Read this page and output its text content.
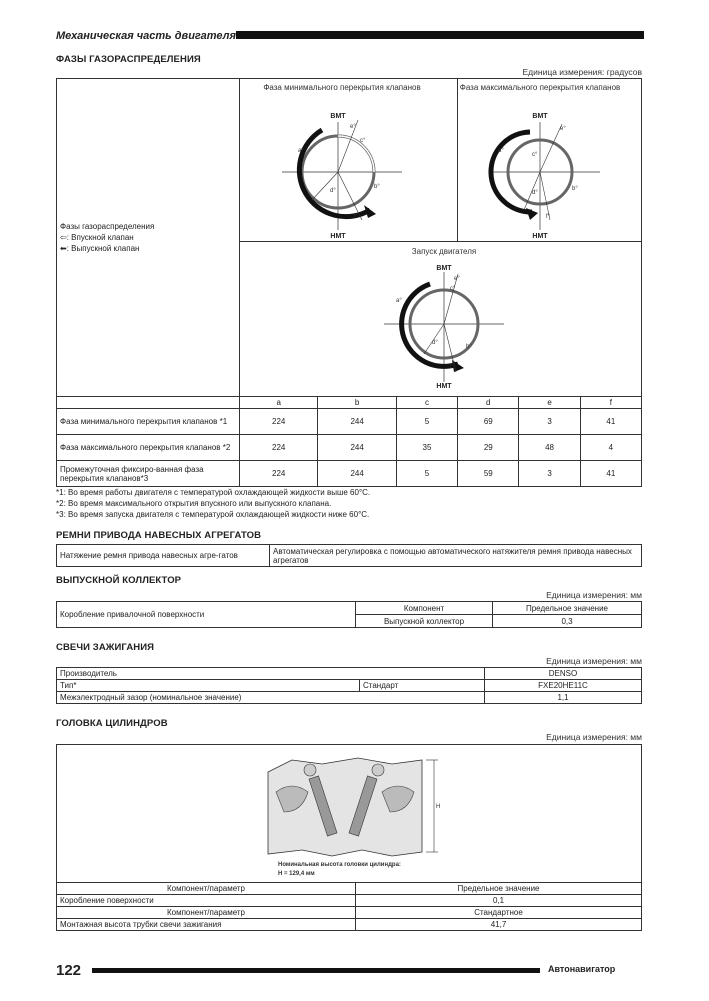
Механическая часть двигателя
ФАЗЫ ГАЗОРАСПРЕДЕЛЕНИЯ
Единица измерения: градусов
Фазы газораспределения
⇦: Впускной клапан
⬅: Выпускной клапан						

	a	b	c	d	e	f
Фаза минимального перекрытия клапанов *1	224	244	5	69	3	41
Фаза максимального перекрытия клапанов *2	224	244	35	29	48	4
Промежуточная фиксиро-ванная фаза перекрытия клапанов*3	224	244	5	59	3	41
Фаза минимального перекрытия клапанов
ВМТ
НМТ
a°
b°
c°
d°
e°
f°
Фаза максимального перекрытия клапанов
ВМТ
НМТ
a°
b°
c°
d°
e°
f°
Запуск двигателя
ВМТ
НМТ
a°
b°
c°
d°
e°
f°
*1: Во время работы двигателя с температурой охлаждающей жидкости выше 60°С.
*2: Во время максимального открытия впускного или выпускного клапана.
*3: Во время запуска двигателя с температурой охлаждающей жидкости ниже 60°С.
РЕМНИ ПРИВОДА НАВЕСНЫХ АГРЕГАТОВ
Натяжение ремня привода навесных агре-гатов	Автоматическая регулировка с помощью автоматического натяжителя ремня привода навесных агрегатов
ВЫПУСКНОЙ КОЛЛЕКТОР
Единица измерения: мм
Коробление привалочной поверхности	Компонент	Предельное значение
	Выпускной коллектор	0,3
СВЕЧИ ЗАЖИГАНИЯ
Единица измерения: мм
Производитель		DENSO
Тип*	Стандарт	FXE20HE11C
Межэлектродный зазор (номинальное значение)		1,1
ГОЛОВКА ЦИЛИНДРОВ
Единица измерения: мм

Компонент/параметр	Предельное значение
Коробление поверхности	0,1
Компонент/параметр	Стандартное
Монтажная высота трубки свечи зажигания	41,7
H
Номинальная высота головки цилиндра:
H = 129,4 мм
122	Автонавигатор
